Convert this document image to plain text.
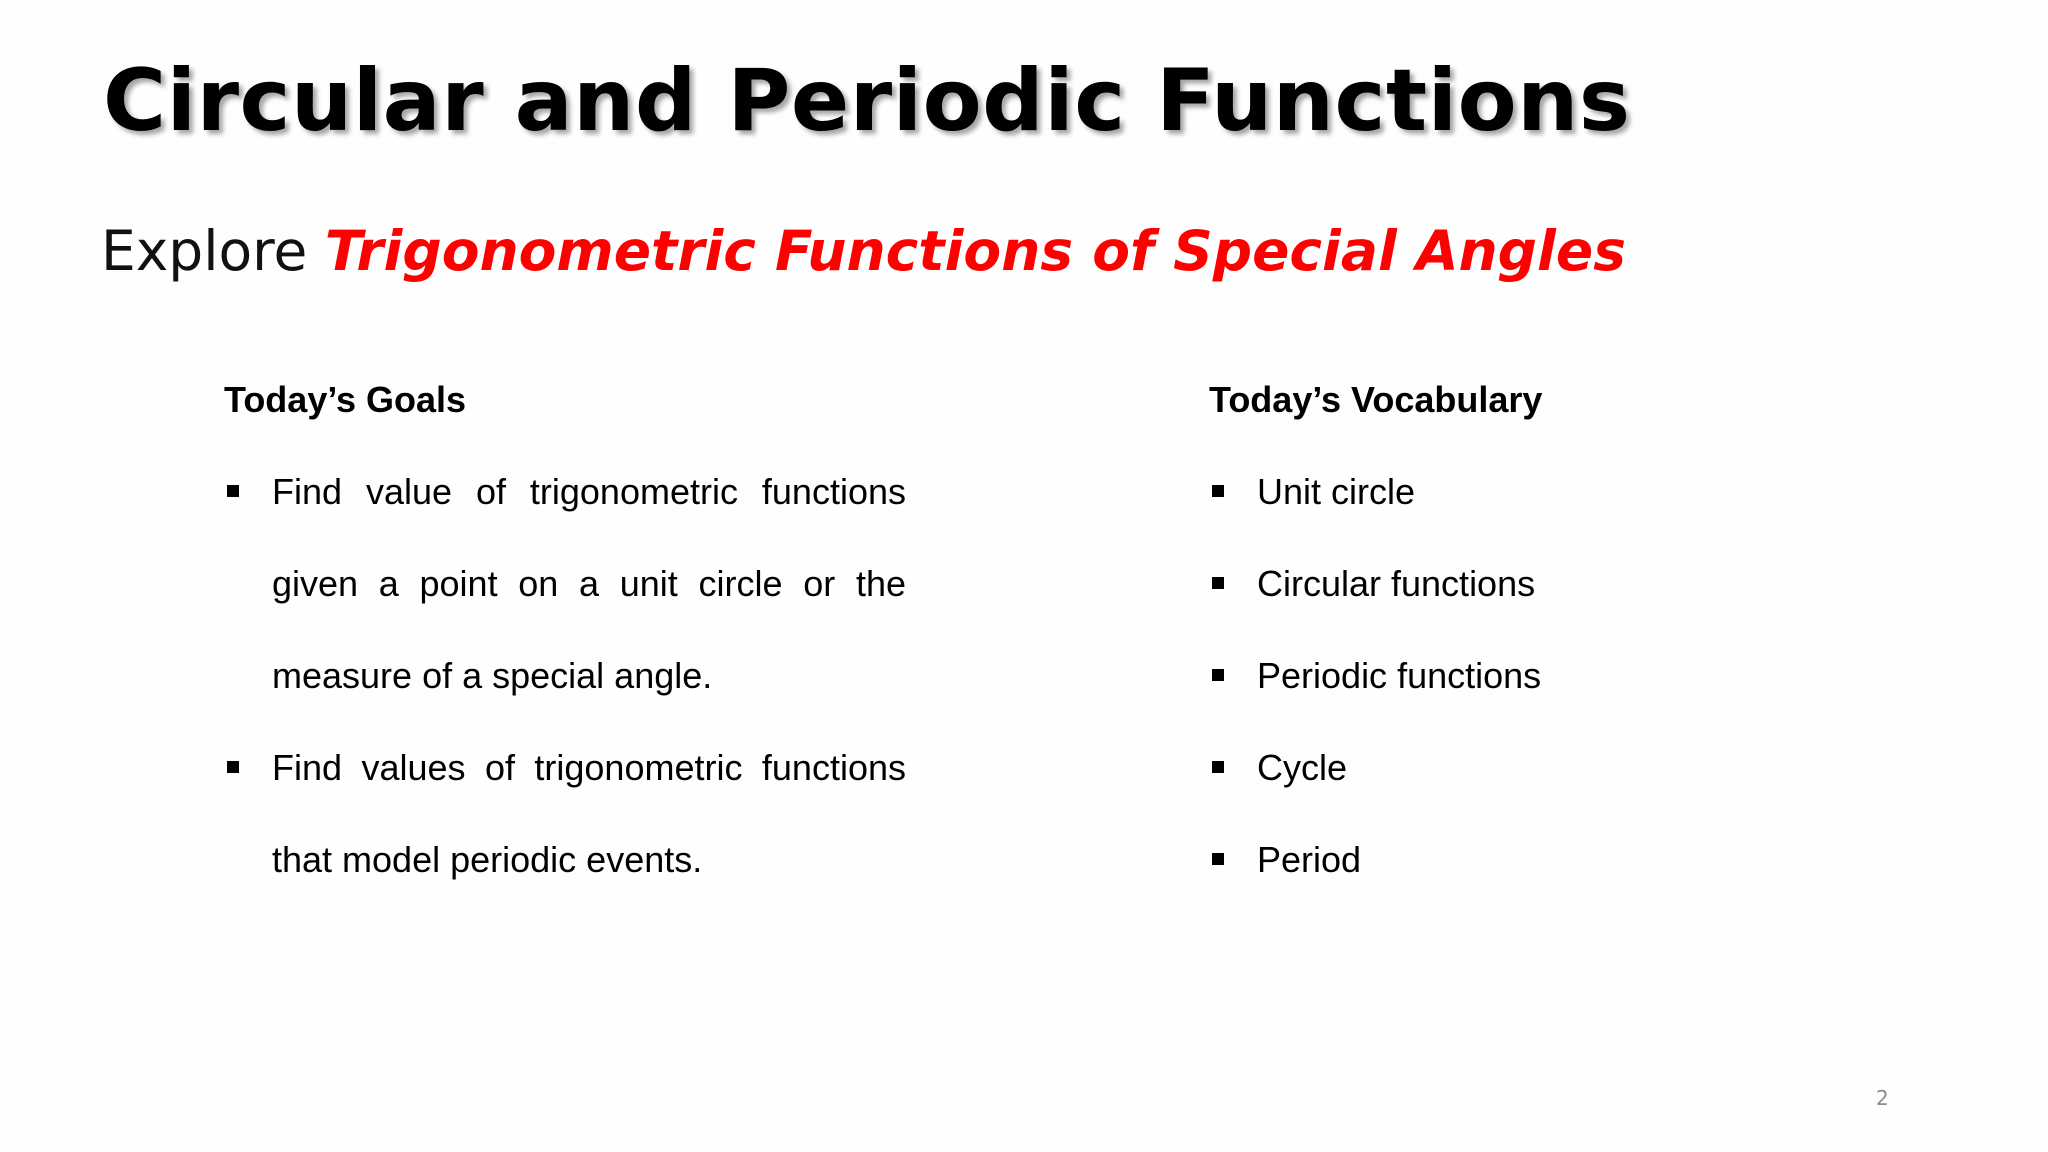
Circular and Periodic Functions

Explore Trigonometric Functions of Special Angles

Today’s Goals
Find value of trigonometric functions given a point on a unit circle or the measure of a special angle.
Find values of trigonometric functions that model periodic events.
Today’s Vocabulary
Unit circle
Circular functions
Periodic functions
Cycle
Period
2
